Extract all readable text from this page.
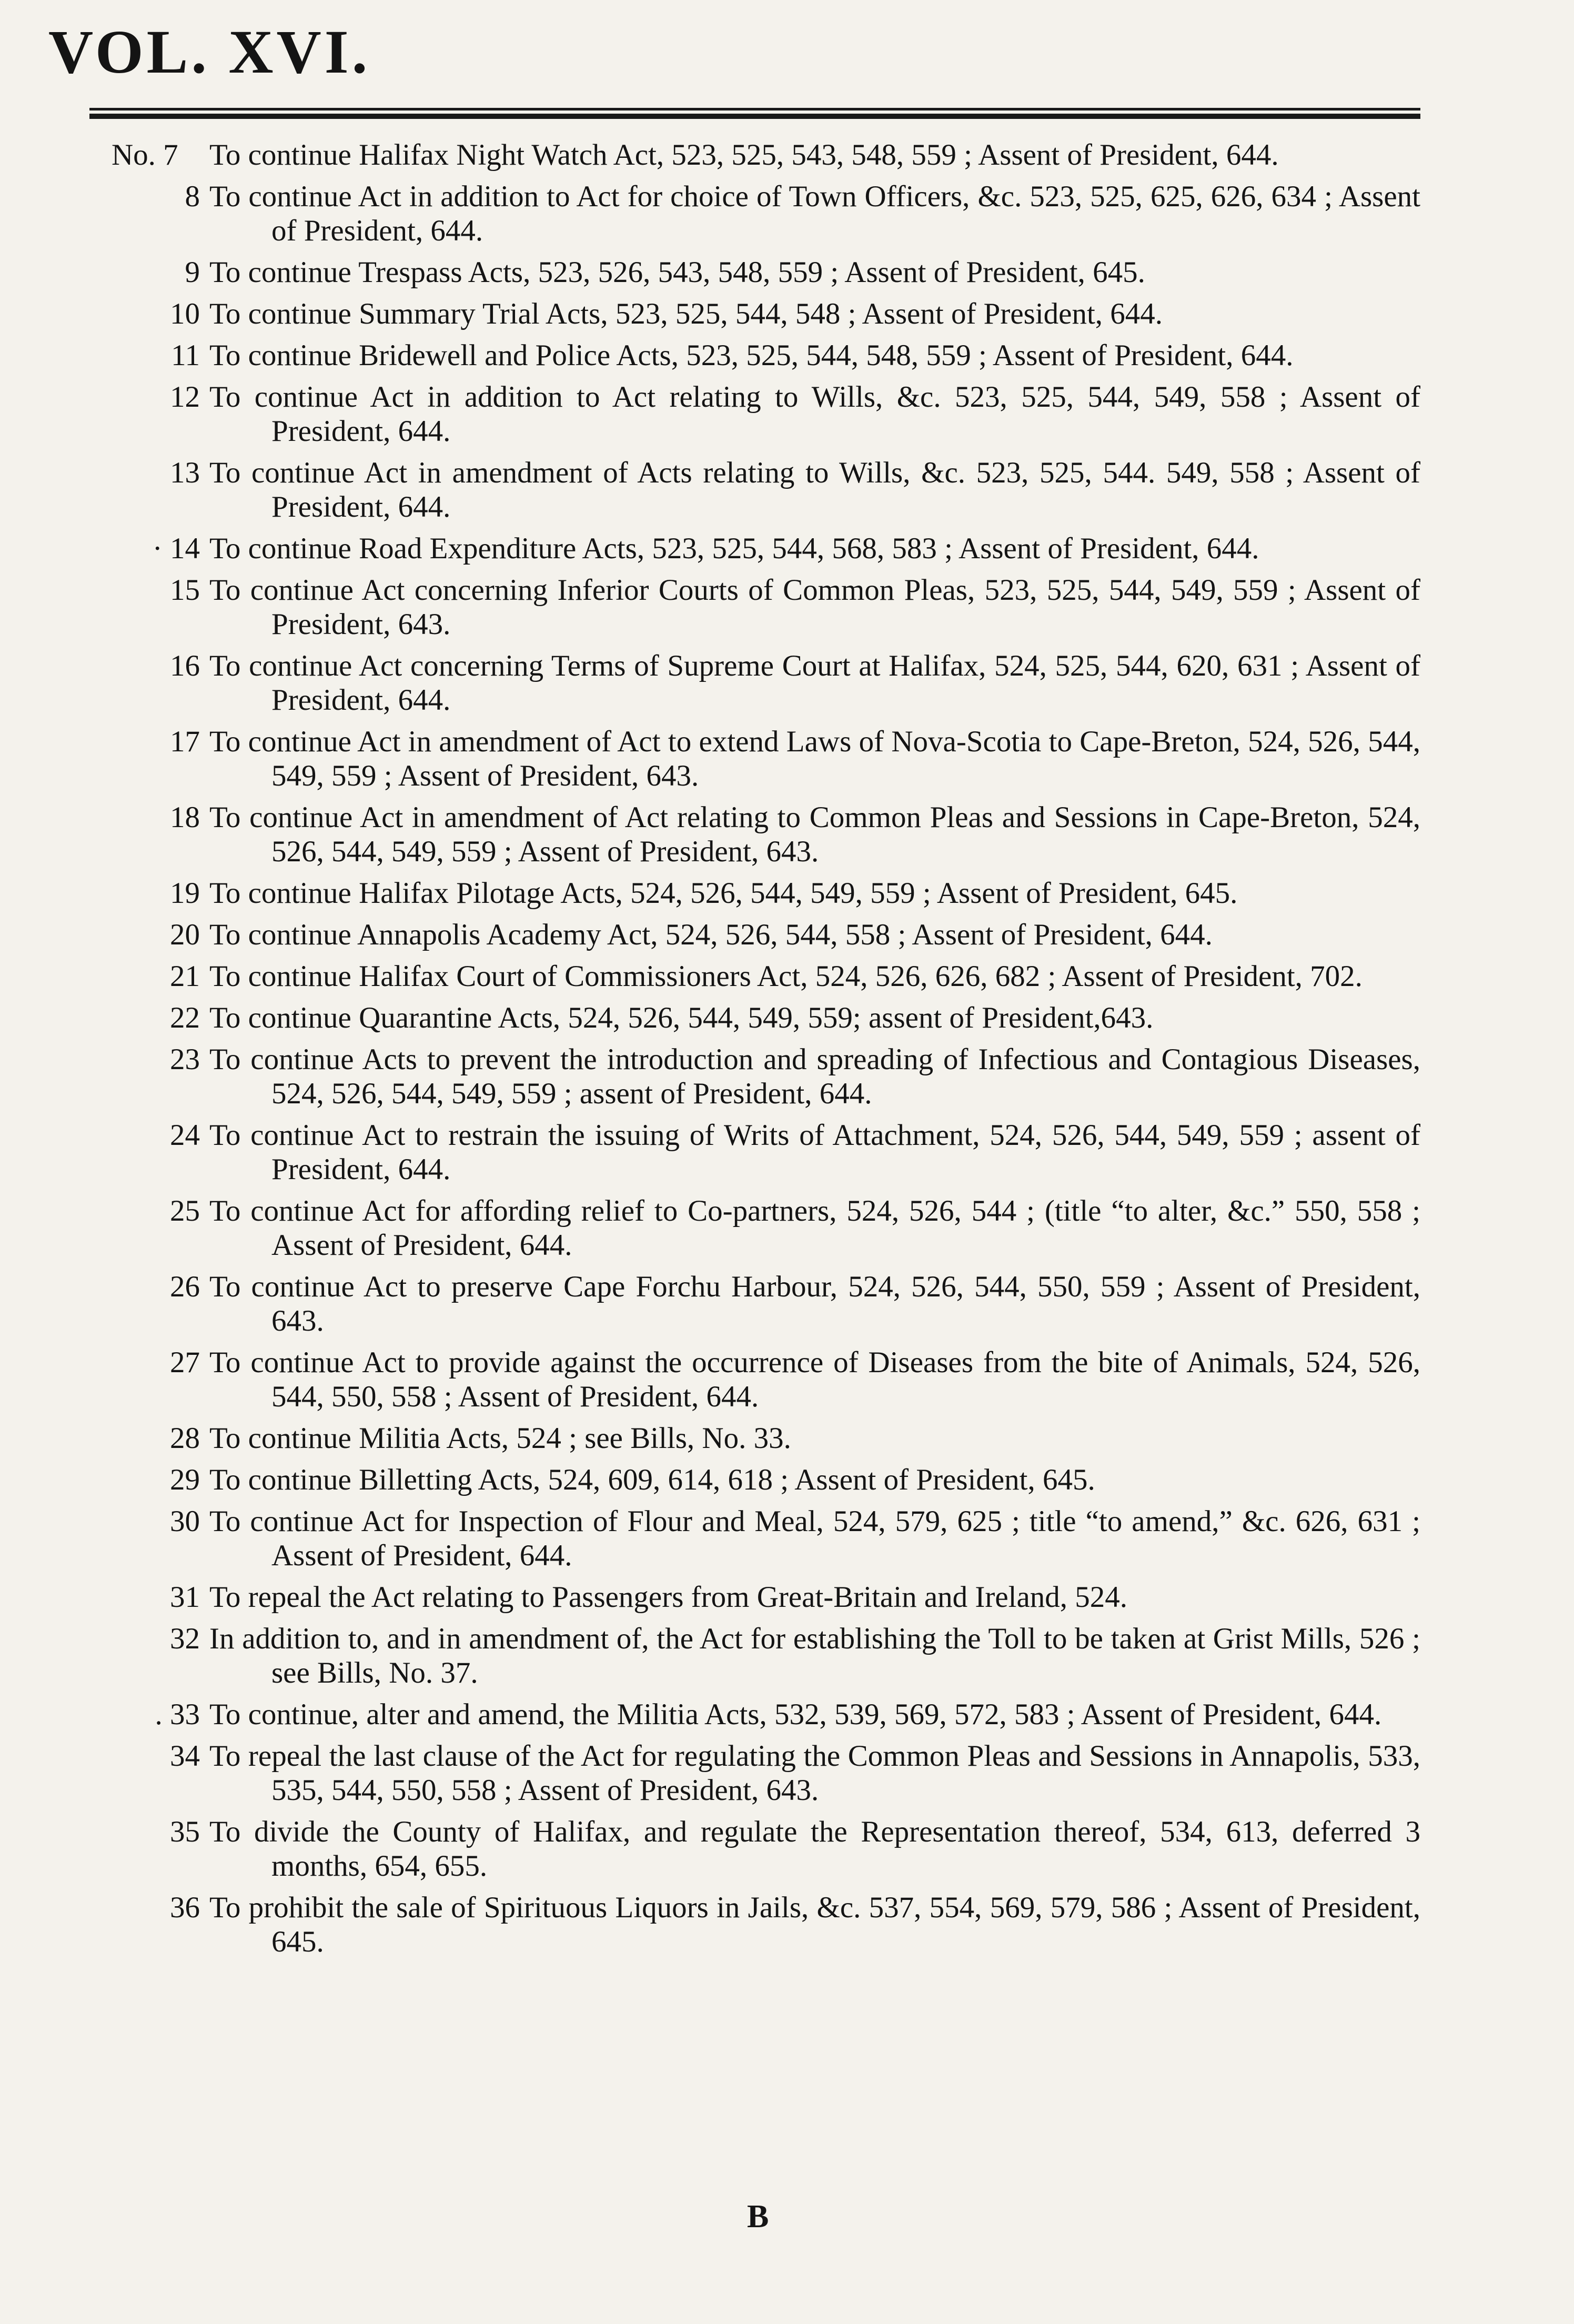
VOL. XVI.
No. 7	To continue Halifax Night Watch Act, 523, 525, 543, 548, 559 ; Assent of President, 644.
8 To continue Act in addition to Act for choice of Town Officers, &c. 523, 525, 625, 626, 634 ; Assent of President, 644.
9 To continue Trespass Acts, 523, 526, 543, 548, 559 ; Assent of President, 645.
10 To continue Summary Trial Acts, 523, 525, 544, 548 ; Assent of President, 644.
11 To continue Bridewell and Police Acts, 523, 525, 544, 548, 559 ; Assent of President, 644.
12 To continue Act in addition to Act relating to Wills, &c. 523, 525, 544, 549, 558 ; Assent of President, 644.
13 To continue Act in amendment of Acts relating to Wills, &c. 523, 525, 544. 549, 558 ; Assent of President, 644.
· 14 To continue Road Expenditure Acts, 523, 525, 544, 568, 583 ; Assent of President, 644.
15 To continue Act concerning Inferior Courts of Common Pleas, 523, 525, 544, 549, 559 ; Assent of President, 643.
16 To continue Act concerning Terms of Supreme Court at Halifax, 524, 525, 544, 620, 631 ; Assent of President, 644.
17 To continue Act in amendment of Act to extend Laws of Nova-Scotia to Cape-Breton, 524, 526, 544, 549, 559 ; Assent of President, 643.
18 To continue Act in amendment of Act relating to Common Pleas and Sessions in Cape-Breton, 524, 526, 544, 549, 559 ; Assent of President, 643.
19 To continue Halifax Pilotage Acts, 524, 526, 544, 549, 559 ; Assent of President, 645.
20 To continue Annapolis Academy Act, 524, 526, 544, 558 ; Assent of President, 644.
21 To continue Halifax Court of Commissioners Act, 524, 526, 626, 682 ; Assent of President, 702.
22 To continue Quarantine Acts, 524, 526, 544, 549, 559; assent of President,643.
23 To continue Acts to prevent the introduction and spreading of Infectious and Contagious Diseases, 524, 526, 544, 549, 559 ; assent of President, 644.
24 To continue Act to restrain the issuing of Writs of Attachment, 524, 526, 544, 549, 559 ; assent of President, 644.
25 To continue Act for affording relief to Co-partners, 524, 526, 544 ; (title “to alter, &c.” 550, 558 ; Assent of President, 644.
26 To continue Act to preserve Cape Forchu Harbour, 524, 526, 544, 550, 559 ; Assent of President, 643.
27 To continue Act to provide against the occurrence of Diseases from the bite of Animals, 524, 526, 544, 550, 558 ; Assent of President, 644.
28 To continue Militia Acts, 524 ; see Bills, No. 33.
29 To continue Billetting Acts, 524, 609, 614, 618 ; Assent of President, 645.
30 To continue Act for Inspection of Flour and Meal, 524, 579, 625 ; title “to amend,” &c. 626, 631 ; Assent of President, 644.
31 To repeal the Act relating to Passengers from Great-Britain and Ireland, 524.
32 In addition to, and in amendment of, the Act for establishing the Toll to be taken at Grist Mills, 526 ; see Bills, No. 37.
. 33 To continue, alter and amend, the Militia Acts, 532, 539, 569, 572, 583 ; Assent of President, 644.
34 To repeal the last clause of the Act for regulating the Common Pleas and Sessions in Annapolis, 533, 535, 544, 550, 558 ; Assent of President, 643.
35 To divide the County of Halifax, and regulate the Representation thereof, 534, 613, deferred 3 months, 654, 655.
36 To prohibit the sale of Spirituous Liquors in Jails, &c. 537, 554, 569, 579, 586 ; Assent of President, 645.
B
